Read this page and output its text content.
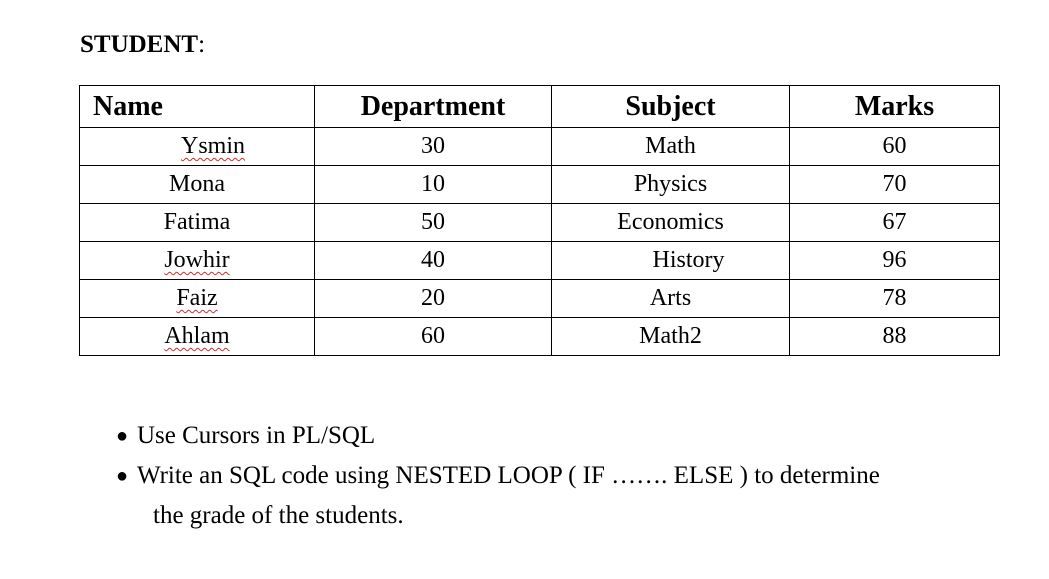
STUDENT:
Name	Department	Subject	Marks
Ysmin	30	Math	60
Mona	10	Physics	70
Fatima	50	Economics	67
Jowhir	40	History	96
Faiz	20	Arts	78
Ahlam	60	Math2	88
● Use Cursors in PL/SQL
● Write an SQL code using NESTED LOOP ( IF ……. ELSE ) to determine
the grade of the students.
